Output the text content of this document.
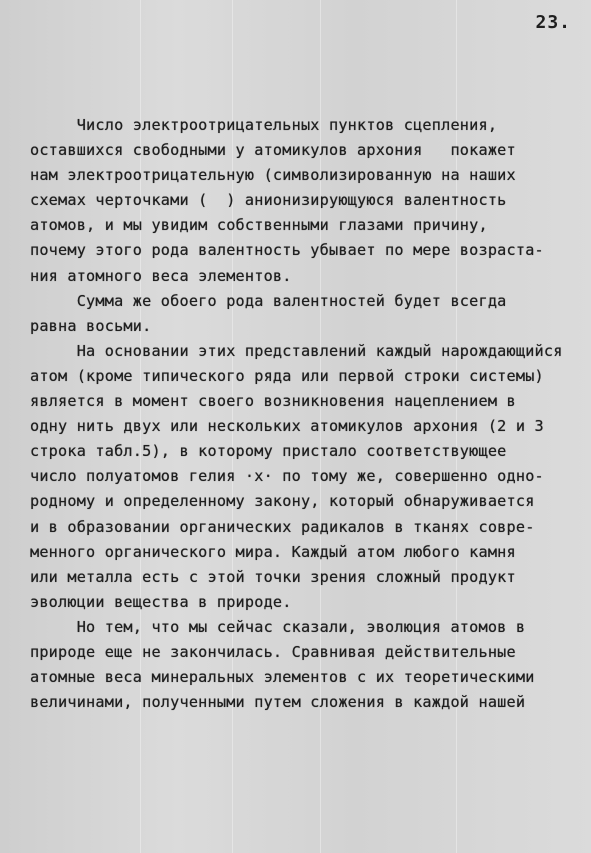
23.
Число электроотрицательных пунктов сцепления,
оставшихся свободными у атомикулов архония   покажет
нам электроотрицательную (символизированную на наших
схемах черточками (  ) анионизирующуюся валентность
атомов, и мы увидим собственными глазами причину,
почему этого рода валентность убывает по мере возраста-
ния атомного веса элементов.
Сумма же обоего рода валентностей будет всегда
равна восьми.
На основании этих представлений каждый нарождающийся
атом (кроме типического ряда или первой строки системы)
является в момент своего возникновения нацеплением в
одну нить двух или нескольких атомикулов архония (2 и 3
строка табл.5), в которому пристало соответствующее
число полуатомов гелия ·x· по тому же, совершенно одно-
родному и определенному закону, который обнаруживается
и в образовании органических радикалов в тканях совре-
менного органического мира. Каждый атом любого камня
или металла есть с этой точки зрения сложный продукт
эволюции вещества в природе.
Но тем, что мы сейчас сказали, эволюция атомов в
природе еще не закончилась. Сравнивая действительные
атомные веса минеральных элементов с их теоретическими
величинами, полученными путем сложения в каждой нашей
